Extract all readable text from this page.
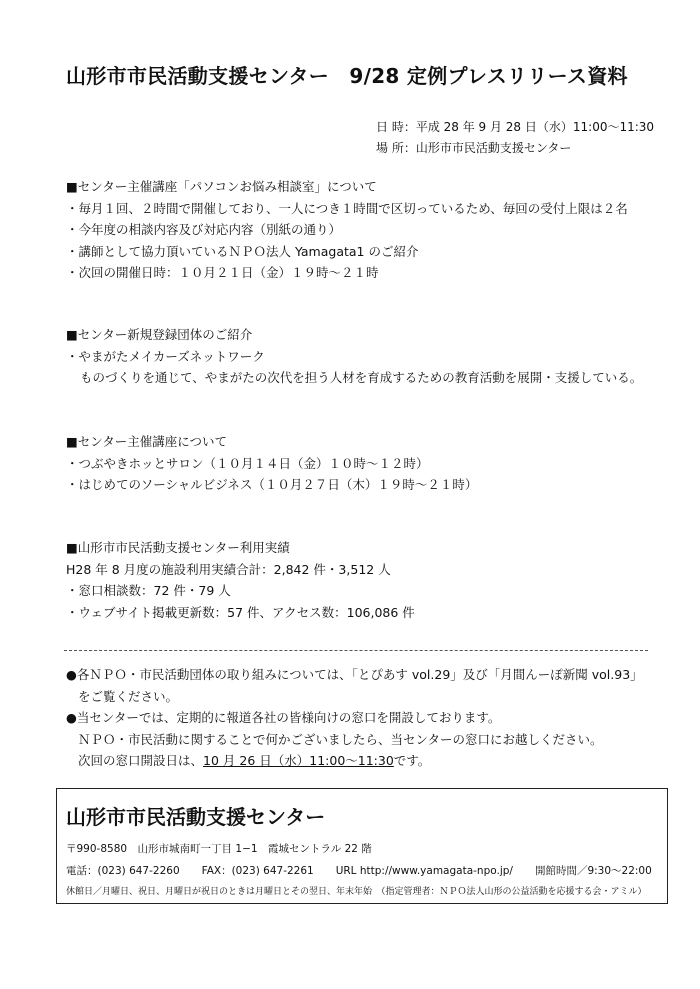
山形市市民活動支援センター　9/28 定例プレスリリース資料
日 時：平成 28 年 9 月 28 日（水）11:00〜11:30
場 所：山形市市民活動支援センター
■センター主催講座「パソコンお悩み相談室」について
・毎月１回、２時間で開催しており、一人につき１時間で区切っているため、毎回の受付上限は２名
・今年度の相談内容及び対応内容（別紙の通り）
・講師として協力頂いているＮＰＯ法人 Yamagata1 のご紹介
・次回の開催日時：１０月２１日（金）１９時〜２１時
■センター新規登録団体のご紹介
・やまがたメイカーズネットワーク
ものづくりを通じて、やまがたの次代を担う人材を育成するための教育活動を展開・支援している。
■センター主催講座について
・つぶやきホッとサロン（１０月１４日（金）１０時〜１２時）
・はじめてのソーシャルビジネス（１０月２７日（木）１９時〜２１時）
■山形市市民活動支援センター利用実績
H28 年 8 月度の施設利用実績合計：2,842 件・3,512 人
・窓口相談数：72 件・79 人
・ウェブサイト掲載更新数：57 件、アクセス数：106,086 件
●各ＮＰＯ・市民活動団体の取り組みについては、「とぴあす vol.29」及び「月間んーぽ新聞 vol.93」
をご覧ください。
●当センターでは、定期的に報道各社の皆様向けの窓口を開設しております。
ＮＰＯ・市民活動に関することで何かございましたら、当センターの窓口にお越しください。
次回の窓口開設日は、10 月 26 日（水）11:00〜11:30です。
山形市市民活動支援センター
〒990-8580　山形市城南町一丁目 1−1　霞城セントラル 22 階
電話：(023) 647-2260 FAX：(023) 647-2261 URL http://www.yamagata-npo.jp/ 開館時間／9:30〜22:00
休館日／月曜日、祝日、月曜日が祝日のときは月曜日とその翌日、年末年始　（指定管理者：ＮＰＯ法人山形の公益活動を応援する会・アミル）
